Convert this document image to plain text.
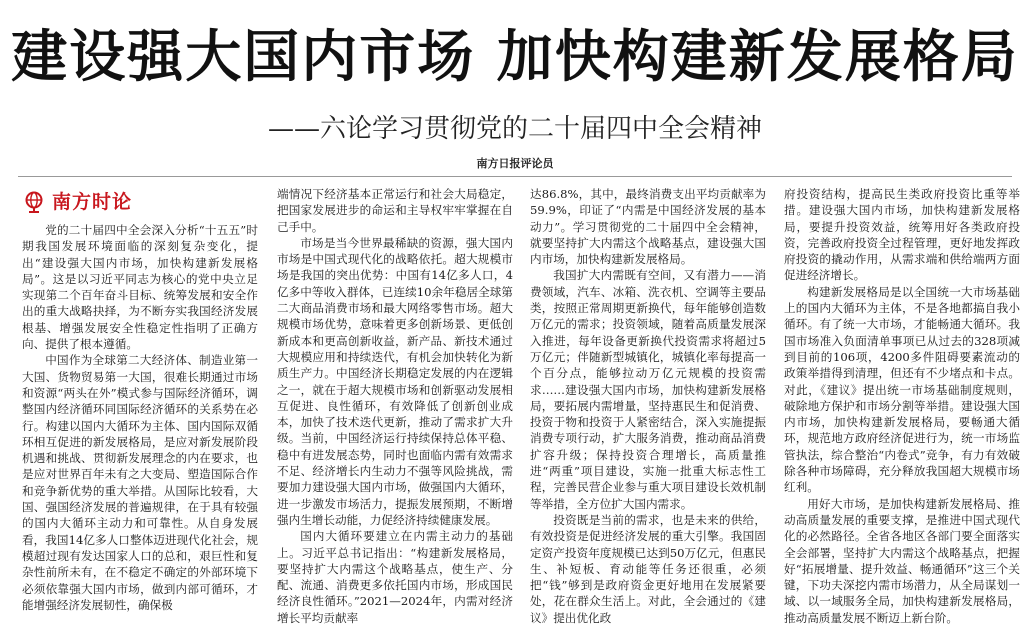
建设强大国内市场 加快构建新发展格局
——六论学习贯彻党的二十届四中全会精神
南方日报评论员
南方时论

党的二十届四中全会深入分析“十五五”时期我国发展环境面临的深刻复杂变化，提出“建设强大国内市场，加快构建新发展格局”。这是以习近平同志为核心的党中央立足实现第二个百年奋斗目标、统筹发展和安全作出的重大战略抉择，为不断夯实我国经济发展根基、增强发展安全性稳定性指明了正确方向、提供了根本遵循。

中国作为全球第二大经济体、制造业第一大国、货物贸易第一大国，很难长期通过市场和资源“两头在外”模式参与国际经济循环，调整国内经济循环同国际经济循环的关系势在必行。构建以国内大循环为主体、国内国际双循环相互促进的新发展格局，是应对新发展阶段机遇和挑战、贯彻新发展理念的内在要求，也是应对世界百年未有之大变局、塑造国际合作和竞争新优势的重大举措。从国际比较看，大国、强国经济发展的普遍规律，在于具有较强的国内大循环主动力和可靠性。从自身发展看，我国14亿多人口整体迈进现代化社会，规模超过现有发达国家人口的总和，艰巨性和复杂性前所未有，在不稳定不确定的外部环境下必须依靠强大国内市场，做到内部可循环，才能增强经济发展韧性，确保极

端情况下经济基本正常运行和社会大局稳定，把国家发展进步的命运和主导权牢牢掌握在自己手中。

市场是当今世界最稀缺的资源，强大国内市场是中国式现代化的战略依托。超大规模市场是我国的突出优势：中国有14亿多人口，4亿多中等收入群体，已连续10余年稳居全球第二大商品消费市场和最大网络零售市场。超大规模市场优势，意味着更多创新场景、更低创新成本和更高创新收益，新产品、新技术通过大规模应用和持续迭代，有机会加快转化为新质生产力。中国经济长期稳定发展的内在逻辑之一，就在于超大规模市场和创新驱动发展相互促进、良性循环，有效降低了创新创业成本，加快了技术迭代更新，推动了需求扩大升级。当前，中国经济运行持续保持总体平稳、稳中有进发展态势，同时也面临内需有效需求不足、经济增长内生动力不强等风险挑战，需要加力建设强大国内市场，做强国内大循环，进一步激发市场活力，提振发展预期，不断增强内生增长动能，力促经济持续健康发展。

国内大循环要建立在内需主动力的基础上。习近平总书记指出：“构建新发展格局，要坚持扩大内需这个战略基点，使生产、分配、流通、消费更多依托国内市场，形成国民经济良性循环。”2021—2024年，内需对经济增长平均贡献率

达86.8%，其中，最终消费支出平均贡献率为59.9%，印证了“内需是中国经济发展的基本动力”。学习贯彻党的二十届四中全会精神，就要坚持扩大内需这个战略基点，建设强大国内市场，加快构建新发展格局。

我国扩大内需既有空间，又有潜力——消费领域，汽车、冰箱、洗衣机、空调等主要品类，按照正常周期更新换代，每年能够创造数万亿元的需求；投资领域，随着高质量发展深入推进，每年设备更新换代投资需求将超过5万亿元；伴随新型城镇化，城镇化率每提高一个百分点，能够拉动万亿元规模的投资需求……建设强大国内市场，加快构建新发展格局，要拓展内需增量，坚持惠民生和促消费、投资于物和投资于人紧密结合，深入实施提振消费专项行动，扩大服务消费，推动商品消费扩容升级；保持投资合理增长，高质量推进“两重”项目建设，实施一批重大标志性工程，完善民营企业参与重大项目建设长效机制等举措，全方位扩大国内需求。

投资既是当前的需求，也是未来的供给，有效投资是促进经济发展的重大引擎。我国固定资产投资年度规模已达到50万亿元，但惠民生、补短板、育动能等任务还很重，必须把“钱”够到是政府资金更好地用在发展紧要处，花在群众生活上。对此，全会通过的《建议》提出优化政

府投资结构，提高民生类政府投资比重等举措。建设强大国内市场，加快构建新发展格局，要提升投资效益，统筹用好各类政府投资，完善政府投资全过程管理，更好地发挥政府投资的撬动作用，从需求端和供给端两方面促进经济增长。

构建新发展格局是以全国统一大市场基础上的国内大循环为主体，不是各地都搞自我小循环。有了统一大市场，才能畅通大循环。我国市场准入负面清单事项已从过去的328项减到目前的106项，4200多件阻碍要素流动的政策举措得到清理，但还有不少堵点和卡点。对此，《建议》提出统一市场基础制度规则，破除地方保护和市场分割等举措。建设强大国内市场，加快构建新发展格局，要畅通大循环，规范地方政府经济促进行为，统一市场监管执法，综合整治“内卷式”竞争，有力有效破除各种市场障碍，充分释放我国超大规模市场红利。

用好大市场，是加快构建新发展格局、推动高质量发展的重要支撑，是推进中国式现代化的必然路径。全省各地区各部门要全面落实全会部署，坚持扩大内需这个战略基点，把握好“拓展增量、提升效益、畅通循环”这三个关键，下功夫深挖内需市场潜力，从全局谋划一域、以一域服务全局，加快构建新发展格局，推动高质量发展不断迈上新台阶。
